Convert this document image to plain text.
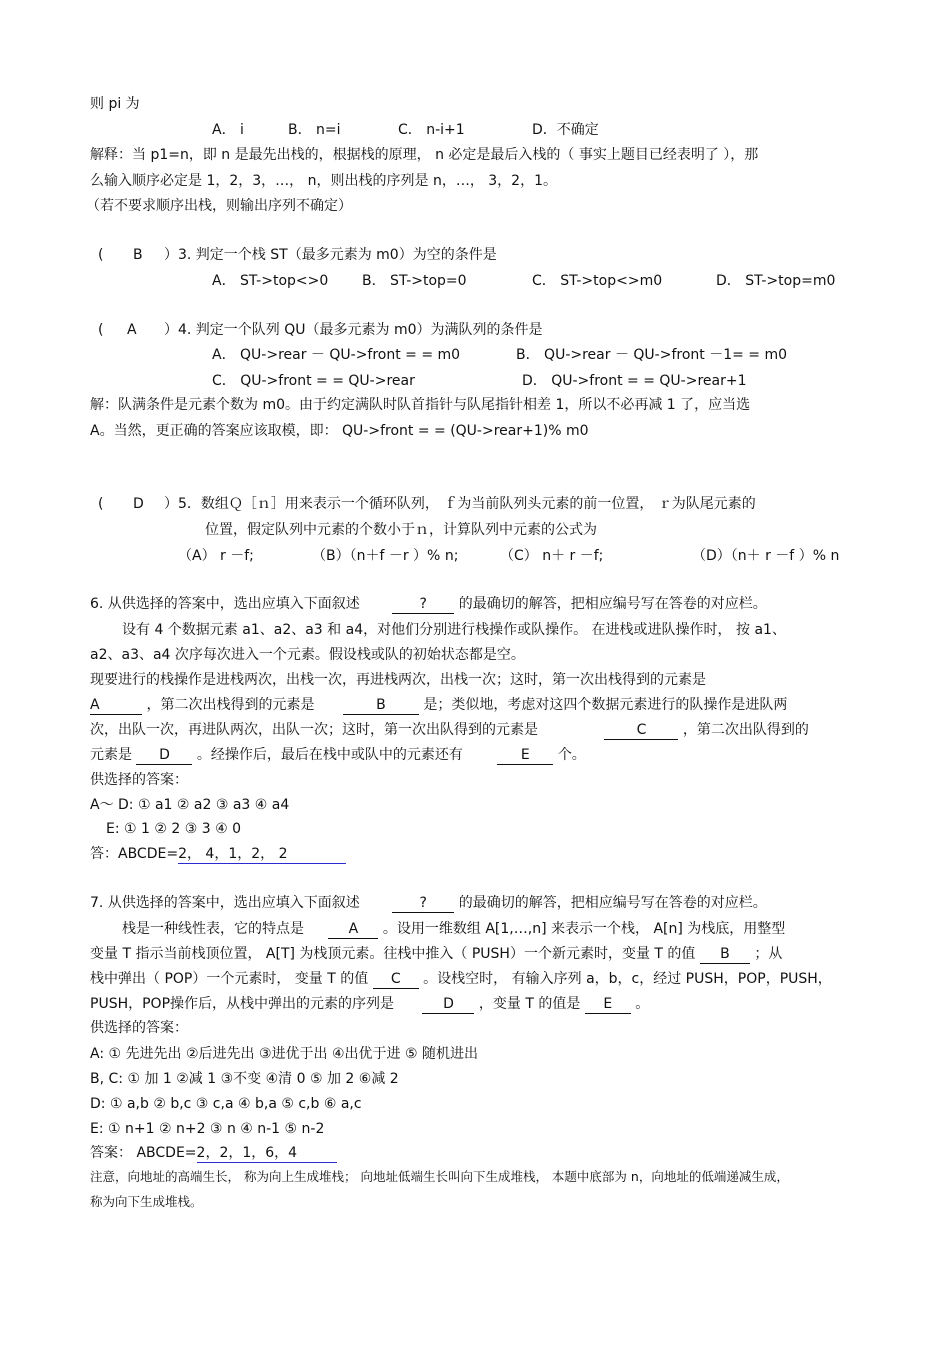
则 pi 为
A． i	B． n=i	C． n-i+1	D．不确定
解释：当 p1=n，即 n 是最先出栈的，根据栈的原理， n 必定是最后入栈的（ 事实上题目已经表明了 ），那
么输入顺序必定是 1，2，3，…， n，则出栈的序列是 n，…， 3，2，1。
（若不要求顺序出栈，则输出序列不确定）
( B ）3. 判定一个栈 ST（最多元素为 m0）为空的条件是
A． ST->top<>0 B． ST->top=0	C． ST->top<>m0	D． ST->top=m0
( A ）4. 判定一个队列 QU（最多元素为 m0）为满队列的条件是
A． QU->rear － QU->front = = m0	B． QU->rear － QU->front －1= = m0
C． QU->front = = QU->rear	D． QU->front = = QU->rear+1
解：队满条件是元素个数为 m0。由于约定满队时队首指针与队尾指针相差 1，所以不必再减 1 了，应当选
A。当然，更正确的答案应该取模，即： QU->front = = (QU->rear+1)% m0
( D ）5．数组Ｑ［ｎ］用来表示一个循环队列， ｆ为当前队列头元素的前一位置， ｒ为队尾元素的
位置，假定队列中元素的个数小于ｎ，计算队列中元素的公式为
（A） r －f;	（B）（n＋f －r ）% n;	（C） n＋ r －f;	（D）（n＋ r －f ）% n
6. 从供选择的答案中，选出应填入下面叙述	? 的最确切的解答，把相应编号写在答卷的对应栏。
设有 4 个数据元素 a1、a2、a3 和 a4，对他们分别进行栈操作或队操作。 在进栈或进队操作时， 按 a1、
a2、a3、a4 次序每次进入一个元素。假设栈或队的初始状态都是空。
现要进行的栈操作是进栈两次，出栈一次，再进栈两次，出栈一次；这时，第一次出栈得到的元素是
A	，第二次出栈得到的元素是	B	是；类似地，考虑对这四个数据元素进行的队操作是进队两
次，出队一次，再进队两次，出队一次；这时，第一次出队得到的元素是	C	，第二次出队得到的
元素是 D 。经操作后，最后在栈中或队中的元素还有	E 个。
供选择的答案：
A～ D: ① a1 ② a2 ③ a3 ④ a4
E: ① 1 ② 2 ③ 3 ④ 0
答：ABCDE=2， 4，1，2， 2
7. 从供选择的答案中，选出应填入下面叙述	? 的最确切的解答，把相应编号写在答卷的对应栏。
栈是一种线性表，它的特点是	A 。设用一维数组 A[1,…,n] 来表示一个栈， A[n] 为栈底，用整型
变量 T 指示当前栈顶位置， A[T] 为栈顶元素。往栈中推入（ PUSH）一个新元素时，变量 T 的值 B ；从
栈中弹出（ POP）一个元素时， 变量 T 的值 C 。设栈空时， 有输入序列 a，b，c，经过 PUSH，POP，PUSH，
PUSH，POP操作后，从栈中弹出的元素的序列是	D ，变量 T 的值是 E 。
供选择的答案：
A: ① 先进先出 ②后进先出 ③进优于出 ④出优于进 ⑤ 随机进出
B, C: ① 加 1 ②减 1 ③不变 ④清 0 ⑤ 加 2 ⑥减 2
D: ① a,b ② b,c ③ c,a ④ b,a ⑤ c,b ⑥ a,c
E: ① n+1 ② n+2 ③ n ④ n-1 ⑤ n-2
答案： ABCDE=2，2，1，6，4
注意，向地址的高端生长， 称为向上生成堆栈； 向地址低端生长叫向下生成堆栈， 本题中底部为 n，向地址的低端递减生成，
称为向下生成堆栈。
